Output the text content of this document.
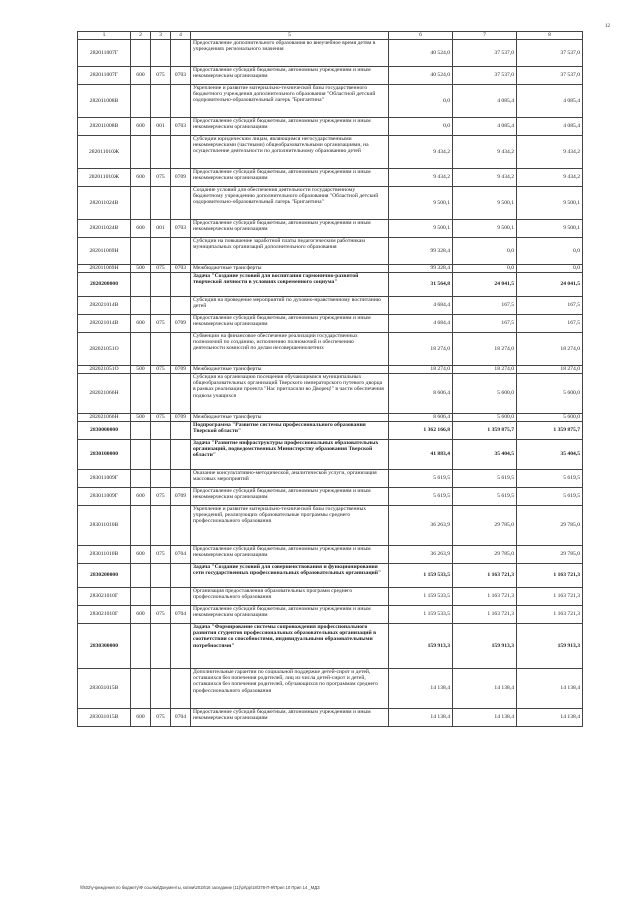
12
1	2	3	4	5	6	7	8
282011007Г				Предоставление дополнительного образования во внеучебное время детям в учреждениях регионального значения	40 524,0	37 537,0	37 537,0
282011007Г	600	075	0703	Предоставление субсидий бюджетным, автономным учреждениям и иным некоммерческим организациям	40 524,0	37 537,0	37 537,0
282011008В				Укрепление и развитие материально-технической базы государственного бюджетного учреждения дополнительного образования "Областной детский оздоровительно-образовательный лагерь "Бригантина"	0,0	4 085,4	4 085,4
282011008В	600	001	0703	Предоставление субсидий бюджетным, автономным учреждениям и иным некоммерческим организациям	0,0	4 085,4	4 085,4
282011010Ж				Субсидии юридическим лицам, являющимся негосударственными некоммерческими (частными) общеобразовательными организациями, на осуществление деятельности по дополнительному образованию детей	9 434,2	9 434,2	9 434,2
282011010Ж	600	075	0709	Предоставление субсидий бюджетным, автономным учреждениям и иным некоммерческим организациям	9 434,2	9 434,2	9 434,2
282011024В				Создание условий для обеспечения деятельности государственному бюджетному учреждению дополнительного образования "Областной детский оздоровительно-образовательный лагерь "Бригантина"	9 500,1	9 500,1	9 500,1
282011024В	600	001	0703	Предоставление субсидий бюджетным, автономным учреждениям и иным некоммерческим организациям	9 500,1	9 500,1	9 500,1
282011069Н				Субсидии на повышение заработной платы педагогическим работникам муниципальных организаций дополнительного образования	99 328,4	0,0	0,0
282011069Н	500	075	0703	Межбюджетные трансферты	99 328,4	0,0	0,0
2820200000				Задача "Создание условий для воспитания гармонично-развитой творческой личности в условиях современного социума"	31 564,8	24 041,5	24 041,5
282021014В				Субсидия на проведение мероприятий по духовно-нравственному воспитанию детей	4 684,4	167,5	167,5
282021014В	600	075	0709	Предоставление субсидий бюджетным, автономным учреждениям и иным некоммерческим организациям	4 684,4	167,5	167,5
282021051О				Субвенции на финансовое обеспечение реализации государственных полномочий по созданию, исполнению полномочий и обеспечению деятельности комиссий по делам несовершеннолетних	18 274,0	18 274,0	18 274,0
282021051О	500	075	0709	Межбюджетные трансферты	18 274,0	18 274,0	18 274,0
282021066Н				Субсидия на организацию посещения обучающимися муниципальных общеобразовательных организаций Тверского императорского путевого дворца в рамках реализации проекта "Нас пригласили во Дворец!" в части обеспечения подвоза учащихся	8 606,4	5 600,0	5 600,0
282021066Н	500	075	0709	Межбюджетные трансферты	8 606,4	5 600,0	5 600,0
2830000000				Подпрограмма "Развитие системы профессионального образования Тверской области"	1 362 166,8	1 359 875,7	1 359 875,7
2830100000				Задача "Развитие инфраструктуры профессиональных образовательных организаций, подведомственных Министерству образования Тверской области"	41 883,4	35 404,5	35 404,5
283011009Г				Оказание консультативно-методической, аналитической услуги, организация массовых мероприятий	5 619,5	5 619,5	5 619,5
283011009Г	600	075	0709	Предоставление субсидий бюджетным, автономным учреждениям и иным некоммерческим организациям	5 619,5	5 619,5	5 619,5
283011010В				Укрепление и развитие материально-технической базы государственных учреждений, реализующих образовательные программы среднего профессионального образования	36 263,9	29 785,0	29 785,0
283011010В	600	075	0704	Предоставление субсидий бюджетным, автономным учреждениям и иным некоммерческим организациям	36 263,9	29 785,0	29 785,0
2830200000				Задача "Создание условий для совершенствования и функционирования сети государственных профессиональных образовательных организаций"	1 159 533,5	1 163 721,3	1 163 721,3
283021010Г				Организация предоставления образовательных программ среднего профессионального образования	1 159 533,5	1 163 721,3	1 163 721,3
283021010Г	600	075	0704	Предоставление субсидий бюджетным, автономным учреждениям и иным некоммерческим организациям	1 159 533,5	1 163 721,3	1 163 721,3
2830300000				Задача "Формирование системы сопровождения профессионального развития студентов профессиональных образовательных организаций в соответствии со способностями, индивидуальными образовательными потребностями"	159 913,3	159 913,3	159 913,3
283031015В				Дополнительные гарантии по социальной поддержке детей-сирот и детей, оставшихся без попечения родителей, лиц из числа детей-сирот и детей, оставшихся без попечения родителей, обучающихся по программам среднего профессионального образования	14 138,4	14 138,4	14 138,4
283031015В	600	075	0704	Предоставление субсидий бюджетным, автономным учреждениям и иным некоммерческим организациям	14 138,4	14 138,4	14 138,4
\\fs02\учреждения по бюджету\Ф ссылки\Документы, копии\2018\16 заседание (11)\pr\pp\18\378-П-9\Прил 10 Прил 14 _МДЗ
